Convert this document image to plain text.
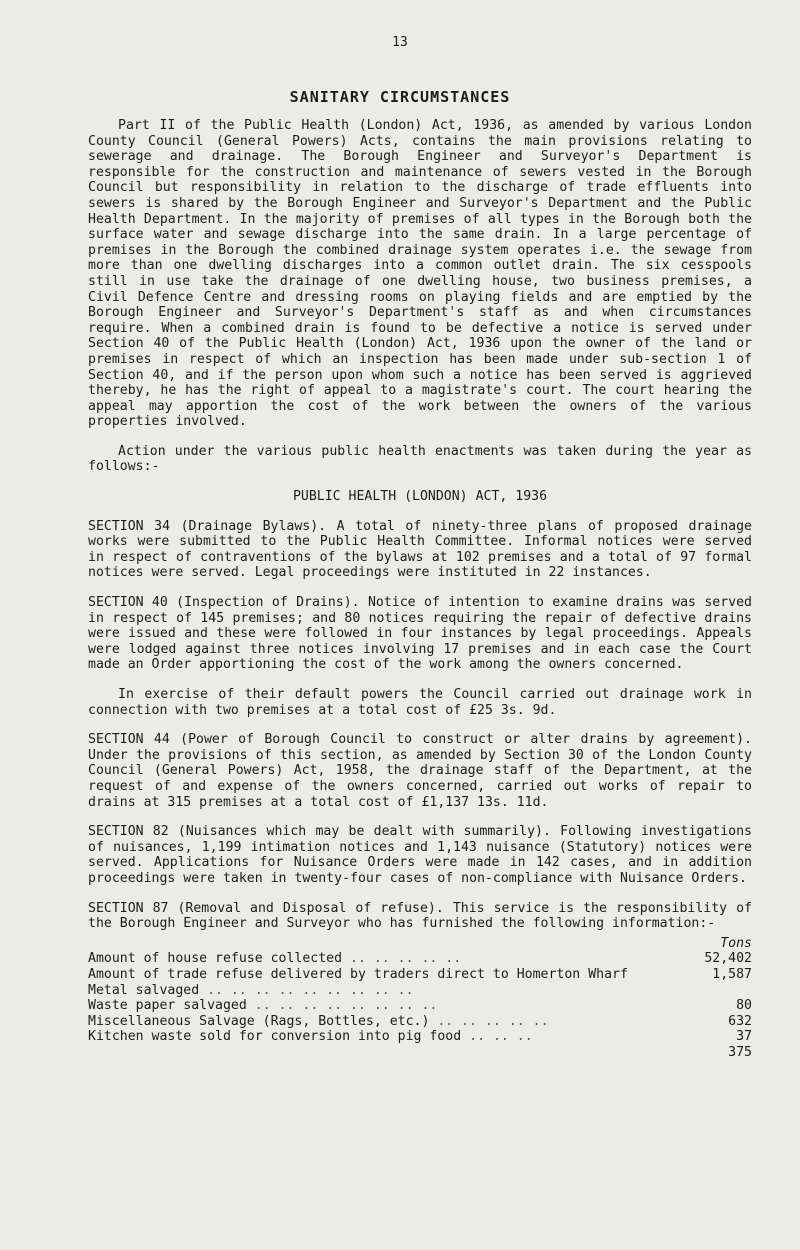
13
SANITARY CIRCUMSTANCES

Part II of the Public Health (London) Act, 1936, as amended by various London County Council (General Powers) Acts, contains the main provisions relating to sewerage and drainage. The Borough Engineer and Surveyor's Department is responsible for the construction and maintenance of sewers vested in the Borough Council but responsibility in relation to the discharge of trade effluents into sewers is shared by the Borough Engineer and Surveyor's Department and the Public Health Department. In the majority of premises of all types in the Borough both the surface water and sewage discharge into the same drain. In a large percentage of premises in the Borough the combined drainage system operates i.e. the sewage from more than one dwelling discharges into a common outlet drain. The six cesspools still in use take the drainage of one dwelling house, two business premises, a Civil Defence Centre and dressing rooms on playing fields and are emptied by the Borough Engineer and Surveyor's Department's staff as and when circumstances require. When a combined drain is found to be defective a notice is served under Section 40 of the Public Health (London) Act, 1936 upon the owner of the land or premises in respect of which an inspection has been made under sub-section 1 of Section 40, and if the person upon whom such a notice has been served is aggrieved thereby, he has the right of appeal to a magistrate's court. The court hearing the appeal may apportion the cost of the work between the owners of the various properties involved.

Action under the various public health enactments was taken during the year as follows:-

PUBLIC HEALTH (LONDON) ACT, 1936

SECTION 34 (Drainage Bylaws). A total of ninety-three plans of proposed drainage works were submitted to the Public Health Committee. Informal notices were served in respect of contraventions of the bylaws at 102 premises and a total of 97 formal notices were served. Legal proceedings were instituted in 22 instances.

SECTION 40 (Inspection of Drains). Notice of intention to examine drains was served in respect of 145 premises; and 80 notices requiring the repair of defective drains were issued and these were followed in four instances by legal proceedings. Appeals were lodged against three notices involving 17 premises and in each case the Court made an Order apportioning the cost of the work among the owners concerned.

In exercise of their default powers the Council carried out drainage work in connection with two premises at a total cost of £25 3s. 9d.

SECTION 44 (Power of Borough Council to construct or alter drains by agreement). Under the provisions of this section, as amended by Section 30 of the London County Council (General Powers) Act, 1958, the drainage staff of the Department, at the request of and expense of the owners concerned, carried out works of repair to drains at 315 premises at a total cost of £1,137 13s. 11d.

SECTION 82 (Nuisances which may be dealt with summarily). Following investigations of nuisances, 1,199 intimation notices and 1,143 nuisance (Statutory) notices were served. Applications for Nuisance Orders were made in 142 cases, and in addition proceedings were taken in twenty-four cases of non-compliance with Nuisance Orders.

SECTION 87 (Removal and Disposal of refuse). This service is the responsibility of the Borough Engineer and Surveyor who has furnished the following information:-

	Tons
Amount of house refuse collected .. .. .. .. ..	52,402
Amount of trade refuse delivered by traders direct to Homerton Wharf	1,587
Metal salvaged .. .. .. .. .. .. .. .. ..	
Waste paper salvaged .. .. .. .. .. .. .. ..	80
Miscellaneous Salvage (Rags, Bottles, etc.) .. .. .. .. ..	632
Kitchen waste sold for conversion into pig food .. .. ..	37
	375
